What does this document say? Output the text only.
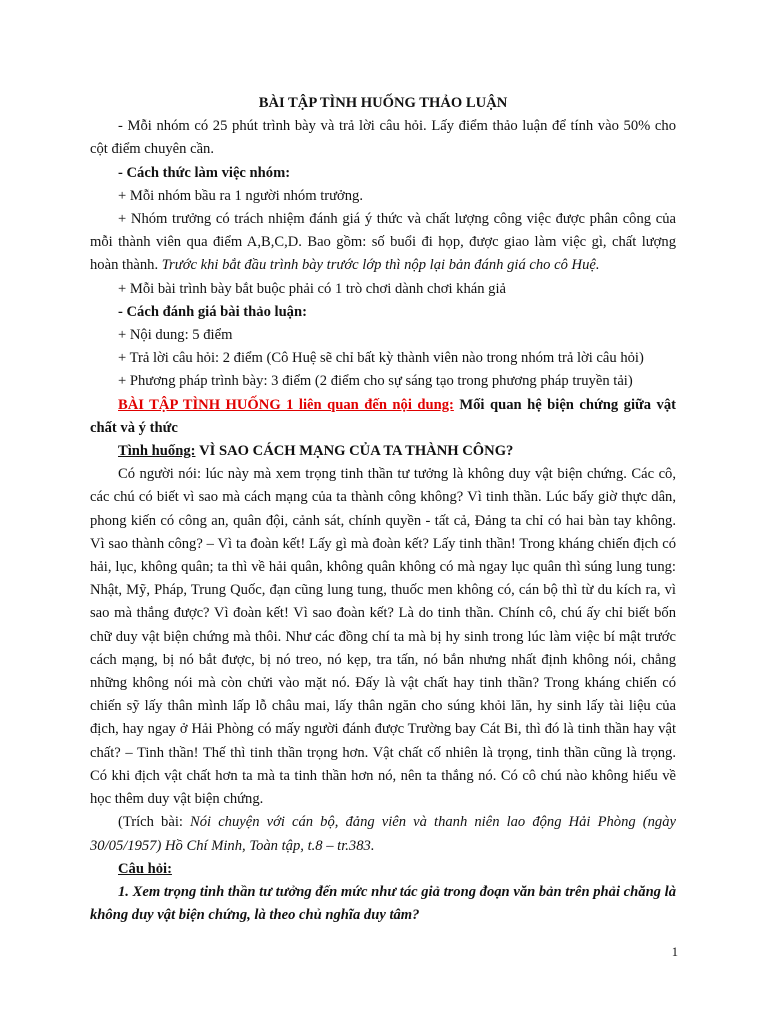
BÀI TẬP TÌNH HUỐNG THẢO LUẬN

- Mỗi nhóm có 25 phút trình bày và trả lời câu hỏi. Lấy điểm thảo luận để tính vào 50% cho cột điểm chuyên cần.

- Cách thức làm việc nhóm:

+ Mỗi nhóm bầu ra 1 người nhóm trưởng.

+ Nhóm trưởng có trách nhiệm đánh giá ý thức và chất lượng công việc được phân công của mỗi thành viên qua điểm A,B,C,D. Bao gồm: số buổi đi họp, được giao làm việc gì, chất lượng hoàn thành. Trước khi bắt đầu trình bày trước lớp thì nộp lại bản đánh giá cho cô Huệ.

+ Mỗi bài trình bày bắt buộc phải có 1 trò chơi dành chơi khán giả

- Cách đánh giá bài thảo luận:

+ Nội dung: 5 điểm

+ Trả lời câu hỏi: 2 điểm (Cô Huệ sẽ chỉ bất kỳ thành viên nào trong nhóm trả lời câu hỏi)

+ Phương pháp trình bày: 3 điểm (2 điểm cho sự sáng tạo trong phương pháp truyền tải)

BÀI TẬP TÌNH HUỐNG 1 liên quan đến nội dung: Mối quan hệ biện chứng giữa vật chất và ý thức

Tình huống: VÌ SAO CÁCH MẠNG CỦA TA THÀNH CÔNG?

Có người nói: lúc này mà xem trọng tinh thần tư tưởng là không duy vật biện chứng. Các cô, các chú có biết vì sao mà cách mạng của ta thành công không? Vì tinh thần. Lúc bấy giờ thực dân, phong kiến có công an, quân đội, cảnh sát, chính quyền - tất cả, Đảng ta chỉ có hai bàn tay không. Vì sao thành công? – Vì ta đoàn kết! Lấy gì mà đoàn kết? Lấy tinh thần! Trong kháng chiến địch có hải, lục, không quân; ta thì về hải quân, không quân không có mà ngay lục quân thì súng lung tung: Nhật, Mỹ, Pháp, Trung Quốc, đạn cũng lung tung, thuốc men không có, cán bộ thì từ du kích ra, vì sao mà thắng được? Vì đoàn kết! Vì sao đoàn kết? Là do tinh thần. Chính cô, chú ấy chỉ biết bốn chữ duy vật biện chứng mà thôi. Như các đồng chí ta mà bị hy sinh trong lúc làm việc bí mật trước cách mạng, bị nó bắt được, bị nó treo, nó kẹp, tra tấn, nó bắn nhưng nhất định không nói, chẳng những không nói mà còn chửi vào mặt nó. Đấy là vật chất hay tinh thần? Trong kháng chiến có chiến sỹ lấy thân mình lấp lỗ châu mai, lấy thân ngăn cho súng khỏi lăn, hy sinh lấy tài liệu của địch, hay ngay ở Hải Phòng có mấy người đánh được Trường bay Cát Bi, thì đó là tinh thần hay vật chất? – Tinh thần! Thế thì tinh thần trọng hơn. Vật chất cố nhiên là trọng, tinh thần cũng là trọng. Có khi địch vật chất hơn ta mà ta tinh thần hơn nó, nên ta thắng nó. Có cô chú nào không hiểu về học thêm duy vật biện chứng.

(Trích bài: Nói chuyện với cán bộ, đảng viên và thanh niên lao động Hải Phòng (ngày 30/05/1957) Hồ Chí Minh, Toàn tập, t.8 – tr.383.

Câu hỏi:

1. Xem trọng tinh thần tư tưởng đến mức như tác giả trong đoạn văn bản trên phải chăng là không duy vật biện chứng, là theo chủ nghĩa duy tâm?

1
